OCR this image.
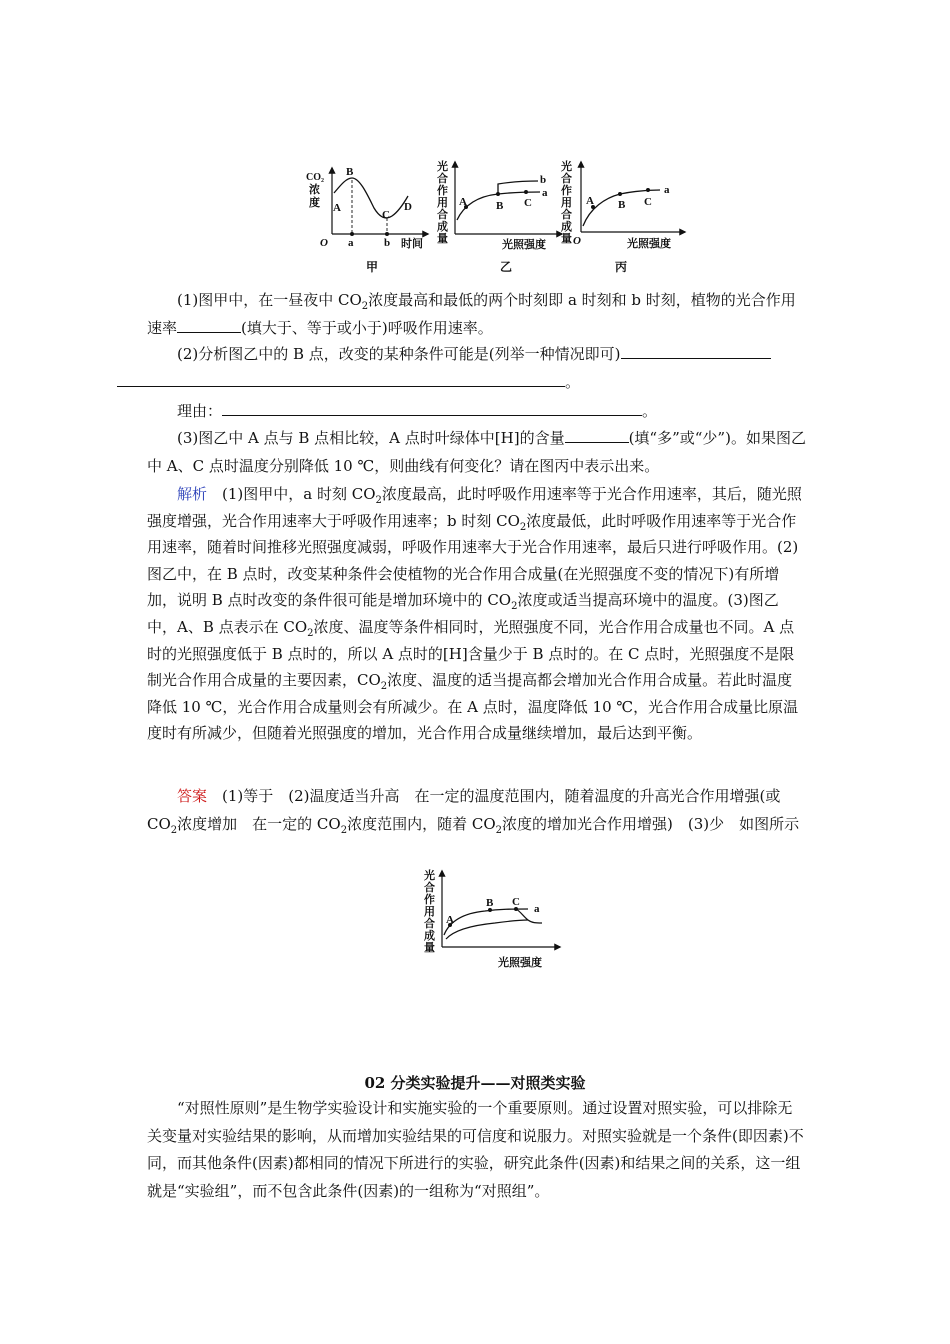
CO₂
浓
度
O
A
B
C
D
a	b 时间
甲
光
合
作
用
合
成
量
A	B C
a
b
光照强度
乙
光
合
作
用
合
成
量 O
A B C
a
光照强度
丙
(1)图甲中，在一昼夜中 $CO_2$浓度最高和最低的两个时刻即 a 时刻和 b 时刻，植物的光合作用速率	(填大于、等于或小于)呼吸作用速率。
(2)分析图乙中的 B 点，改变的某种条件可能是(列举一种情况即可)
。
理由：	。
(3)图乙中 A 点与 B 点相比较，A 点时叶绿体中[H]的含量	(填“多”或“少”)。如果图乙中 A、C 点时温度分别降低 10 ℃，则曲线有何变化？请在图丙中表示出来。
解析　 (1)图甲中，a 时刻 $CO_2$浓度最高，此时呼吸作用速率等于光合作用速率，其后，随光照强度增强，光合作用速率大于呼吸作用速率；b 时刻 $CO_2$浓度最低，此时呼吸作用速率等于光合作用速率，随着时间推移光照强度减弱，呼吸作用速率大于光合作用速率，最后只进行呼吸作用。(2)图乙中，在 B 点时，改变某种条件会使植物的光合作用合成量(在光照强度不变的情况下)有所增加，说明 B 点时改变的条件很可能是增加环境中的 $CO_2$浓度或适当提高环境中的温度。(3)图乙中，A、B 点表示在 $CO_2$浓度、温度等条件相同时，光照强度不同，光合作用合成量也不同。A 点时的光照强度低于 B 点时的，所以 A 点时的[H]含量少于 B 点时的。在 C 点时，光照强度不是限制光合作用合成量的主要因素，$CO_2$浓度、温度的适当提高都会增加光合作用合成量。若此时温度降低 10 ℃，光合作用合成量则会有所减少。在 A 点时，温度降低 10 ℃，光合作用合成量比原温度时有所减少，但随着光照强度的增加，光合作用合成量继续增加，最后达到平衡。
答案　 (1)等于　(2)温度适当升高　在一定的温度范围内，随着温度的升高光合作用增强(或 $CO_2$浓度增加　在一定的 $CO_2$浓度范围内，随着 $CO_2$浓度的增加光合作用增强)　(3)少　如图所示
光
合
作
用
合
成
量
A
B C
a
光照强度
02 分类实验提升——对照类实验
“对照性原则”是生物学实验设计和实施实验的一个重要原则。通过设置对照实验，可以排除无关变量对实验结果的影响，从而增加实验结果的可信度和说服力。对照实验就是一个条件(即因素)不同，而其他条件(因素)都相同的情况下所进行的实验，研究此条件(因素)和结果之间的关系，这一组就是“实验组”，而不包含此条件(因素)的一组称为“对照组”。
